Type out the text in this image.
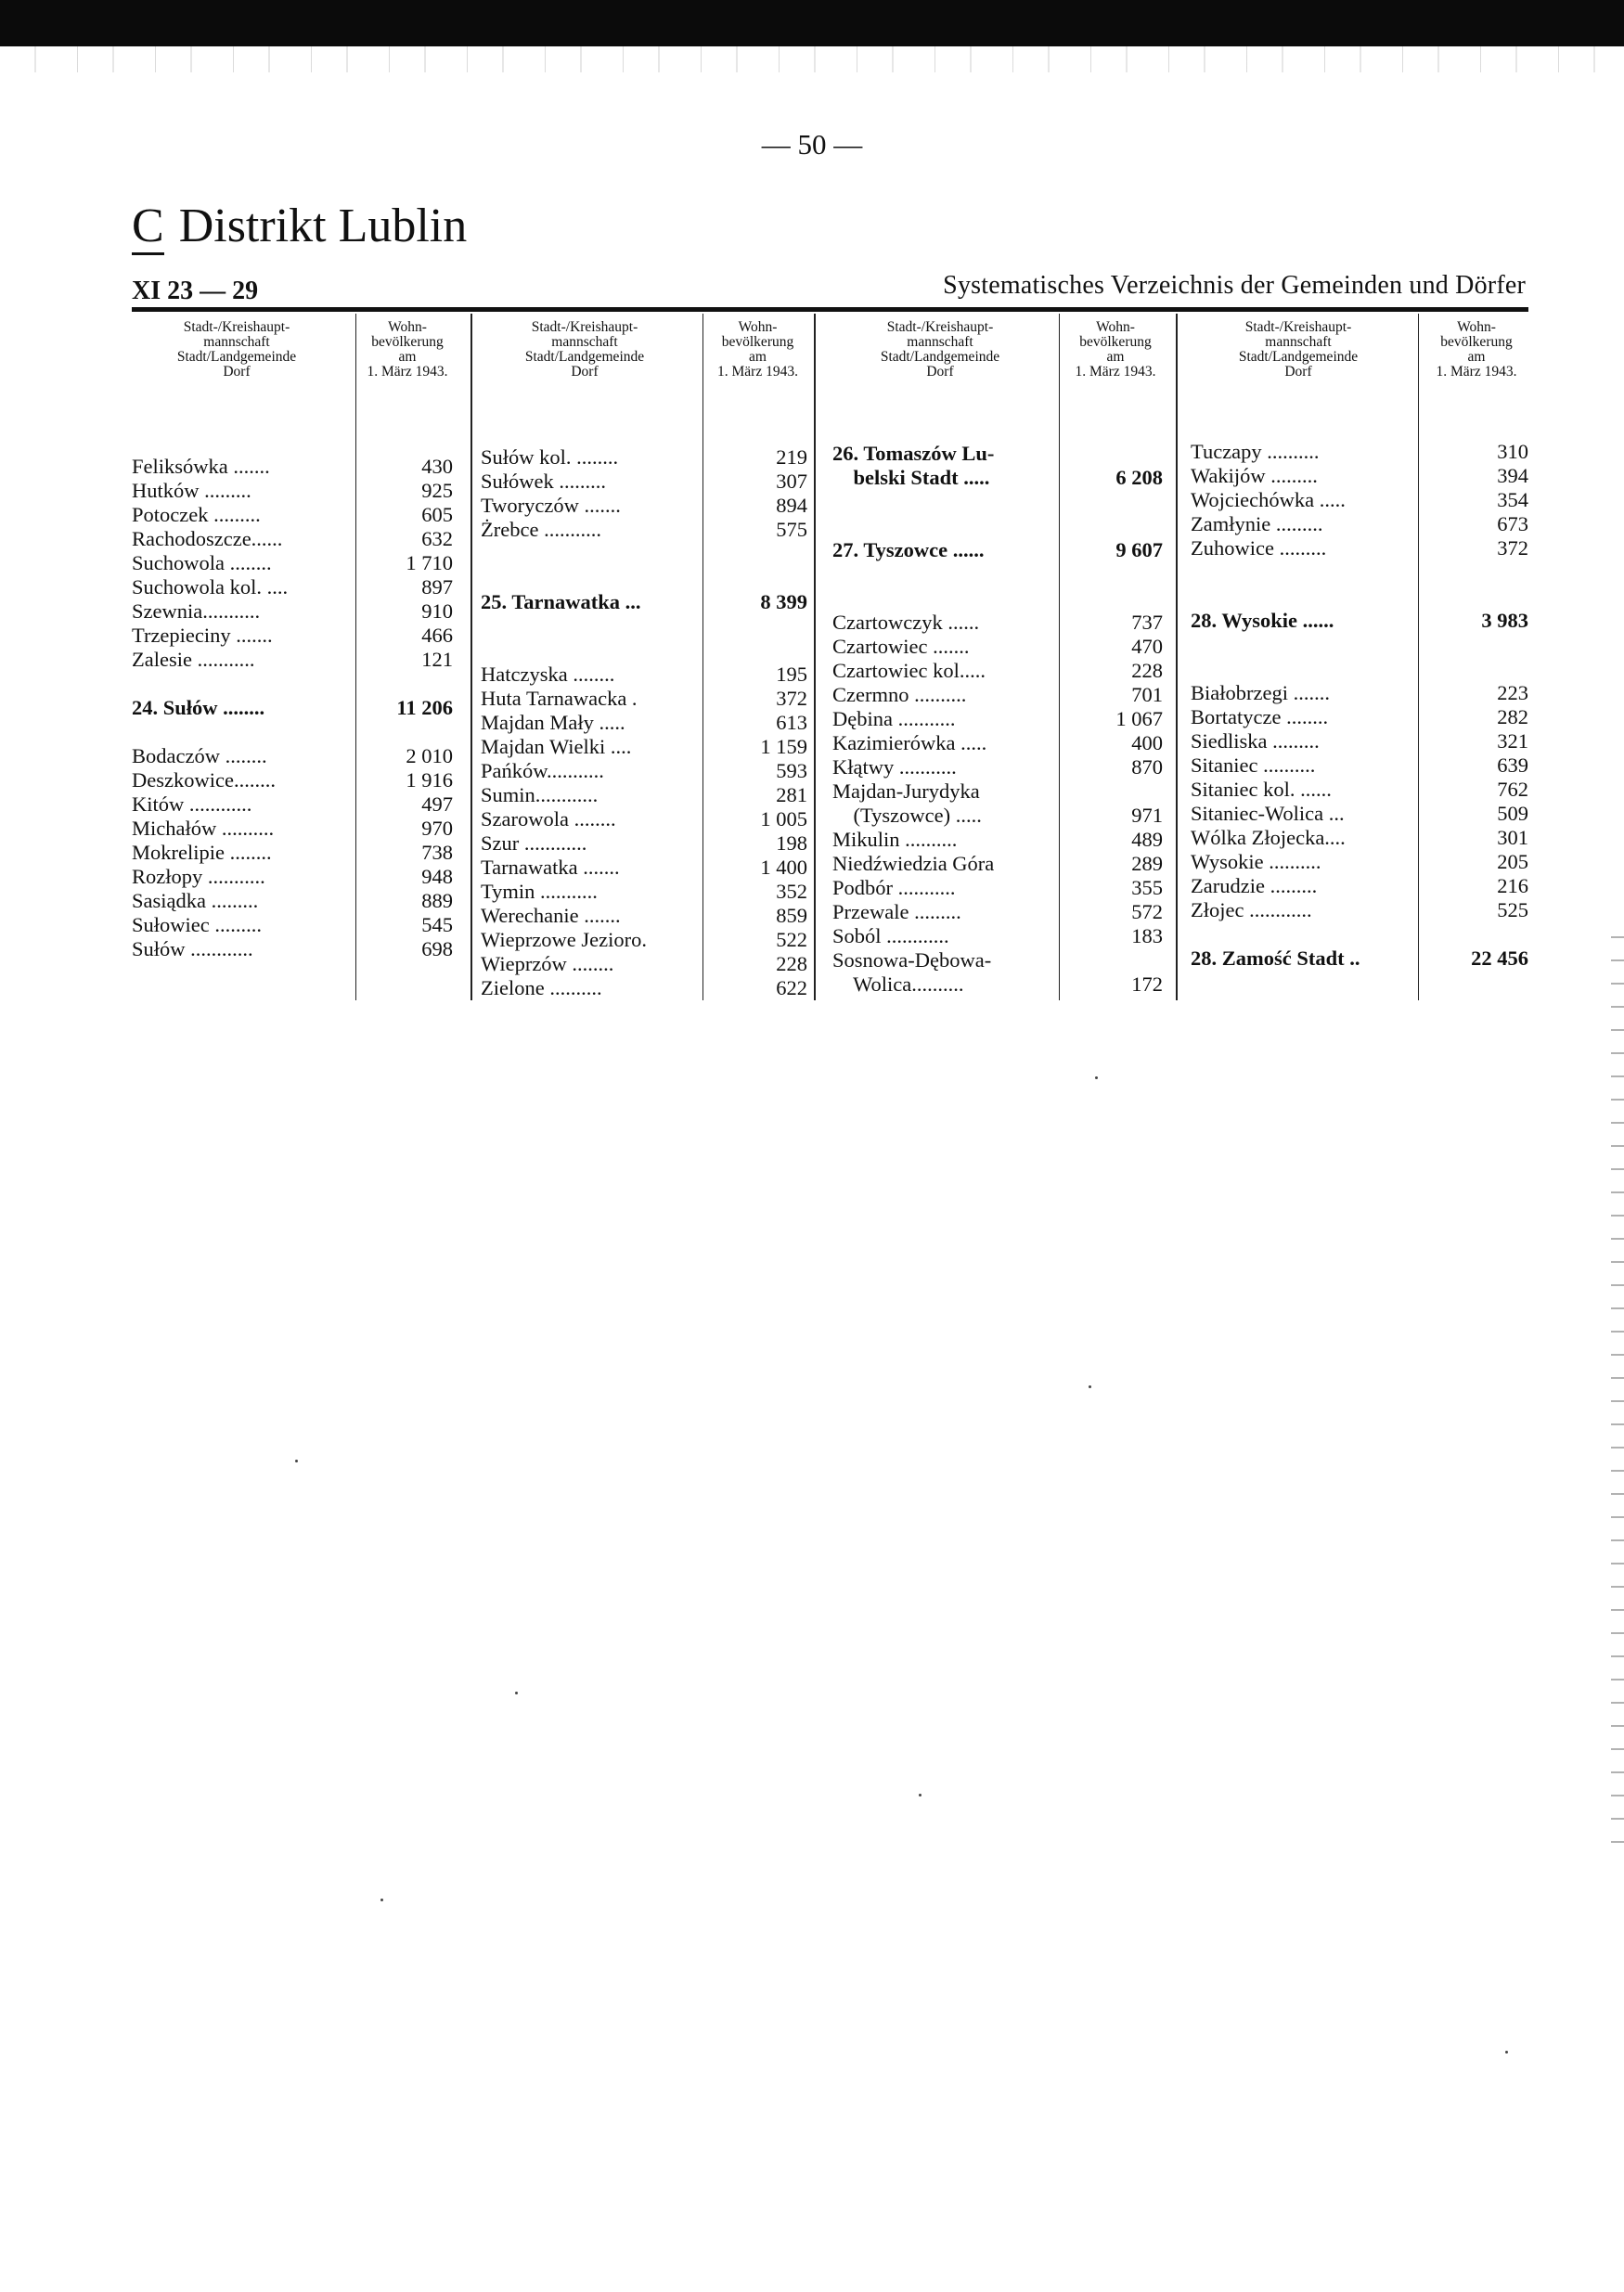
— 50 —
C Distrikt Lublin
XI 23 — 29	Systematisches Verzeichnis der Gemeinden und Dörfer
Stadt-/Kreishaupt-
mannschaft
Stadt/Landgemeinde
Dorf
Wohn-
bevölkerung
am
1. März 1943.
Stadt-/Kreishaupt-
mannschaft
Stadt/Landgemeinde
Dorf
Wohn-
bevölkerung
am
1. März 1943.
Stadt-/Kreishaupt-
mannschaft
Stadt/Landgemeinde
Dorf
Wohn-
bevölkerung
am
1. März 1943.
Stadt-/Kreishaupt-
mannschaft
Stadt/Landgemeinde
Dorf
Wohn-
bevölkerung
am
1. März 1943.
Feliksówka .......	430
Hutków .........	925
Potoczek .........	605
Rachodoszcze......	632
Suchowola ........	1 710
Suchowola kol. ....	897
Szewnia...........	910
Trzepieciny .......	466
Zalesie ...........	121
24. Sułów ........	11 206
Bodaczów ........	2 010
Deszkowice........	1 916
Kitów ............	497
Michałów ..........	970
Mokrelipie ........	738
Rozłopy ...........	948
Sasiądka .........	889
Sułowiec .........	545
Sułów ............	698
Sułów kol. ........	219
Sułówek .........	307
Tworyczów .......	894
Żrebce ...........	575
25. Tarnawatka ...	8 399
Hatczyska ........	195
Huta Tarnawacka .	372
Majdan Mały .....	613
Majdan Wielki ....	1 159
Pańków...........	593
Sumin............	281
Szarowola ........	1 005
Szur ............	198
Tarnawatka .......	1 400
Tymin ...........	352
Werechanie .......	859
Wieprzowe Jezioro.	522
Wieprzów ........	228
Zielone ..........	622
26. Tomaszów Lu-
belski Stadt .....	6 208
27. Tyszowce ......	9 607
Czartowczyk ......	737
Czartowiec .......	470
Czartowiec kol.....	228
Czermno ..........	701
Dębina ...........	1 067
Kazimierówka .....	400
Kłątwy ...........	870
Majdan-Jurydyka
(Tyszowce) .....	971
Mikulin ..........	489
Niedźwiedzia Góra	289
Podbór ...........	355
Przewale .........	572
Soból ............	183
Sosnowa-Dębowa-
Wolica..........	172
Tuczapy ..........	310
Wakijów .........	394
Wojciechówka .....	354
Zamłynie .........	673
Zuhowice .........	372
28. Wysokie ......	3 983
Białobrzegi .......	223
Bortatycze ........	282
Siedliska .........	321
Sitaniec ..........	639
Sitaniec kol. ......	762
Sitaniec-Wolica ...	509
Wólka Złojecka....	301
Wysokie ..........	205
Zarudzie .........	216
Złojec ............	525
28. Zamość Stadt ..	22 456
